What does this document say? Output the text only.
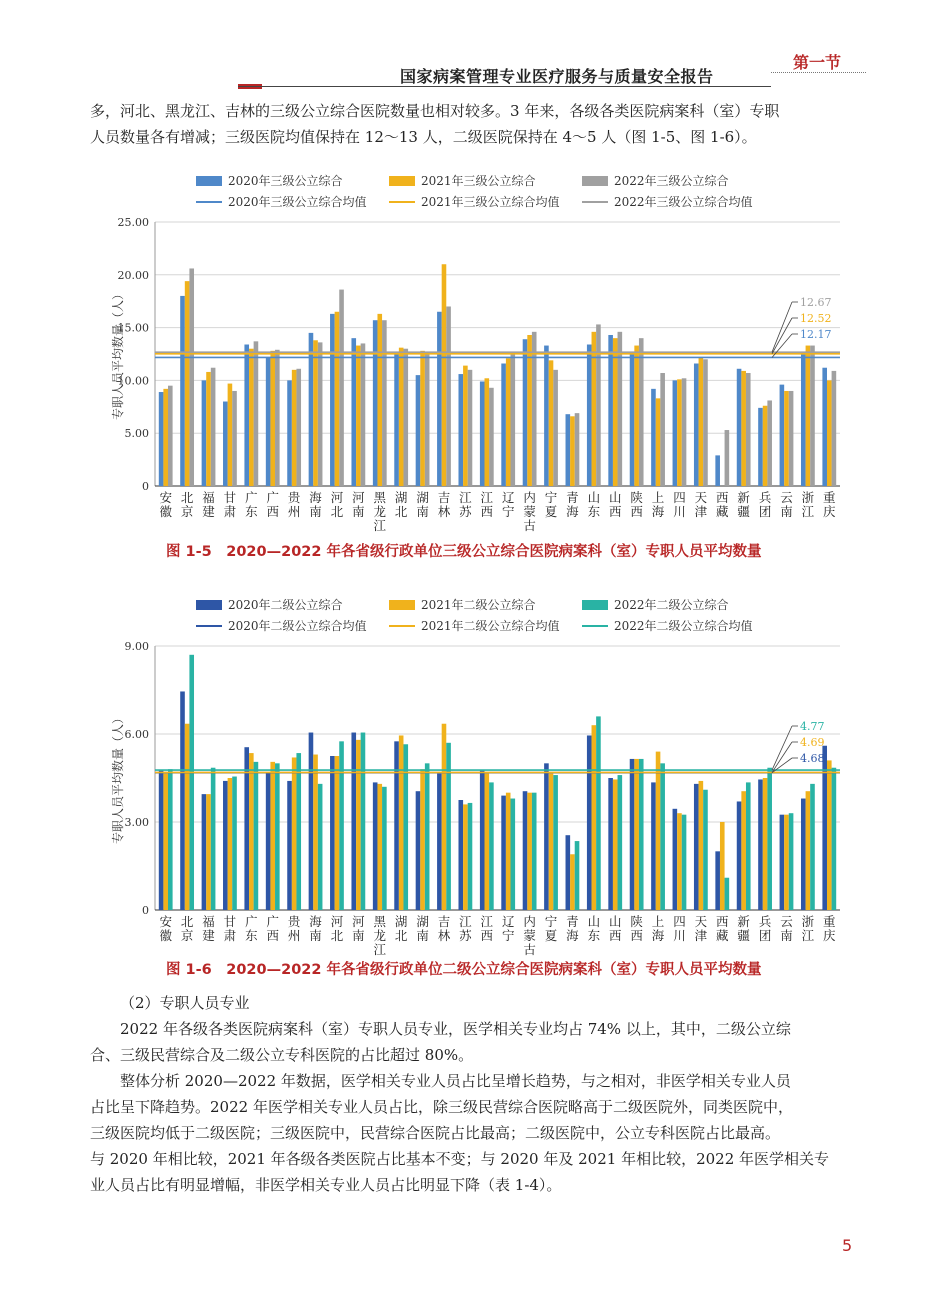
国家病案管理专业医疗服务与质量安全报告
第一节
多，河北、黑龙江、吉林的三级公立综合医院数量也相对较多。3 年来，各级各类医院病案科（室）专职
人员数量各有增减；三级医院均值保持在 12～13 人，二级医院保持在 4～5 人（图 1-5、图 1-6）。
2020年三级公立综合	2021年三级公立综合	2022年三级公立综合
2020年三级公立综合均值	2021年三级公立综合均值	2022年三级公立综合均值
0
5.00
10.00
15.00
20.00
25.00
专职人员平均数量（人）
安徽
北京
福建
甘肃
广东
广西
贵州
海南
河北
河南
黑龙江
湖北
湖南
吉林
江苏
江西
辽宁
内蒙古
宁夏
青海
山东
山西
陕西
上海
四川
天津
西藏
新疆
兵团
云南
浙江
重庆
12.67
12.52
12.17
图 1-5　2020—2022 年各省级行政单位三级公立综合医院病案科（室）专职人员平均数量
2020年二级公立综合	2021年二级公立综合	2022年二级公立综合
2020年二级公立综合均值	2021年二级公立综合均值	2022年二级公立综合均值
0
3.00
6.00
9.00
专职人员平均数量（人）
安徽
北京
福建
甘肃
广东
广西
贵州
海南
河北
河南
黑龙江
湖北
湖南
吉林
江苏
江西
辽宁
内蒙古
宁夏
青海
山东
山西
陕西
上海
四川
天津
西藏
新疆
兵团
云南
浙江
重庆
4.77
4.69
4.68
图 1-6　2020—2022 年各省级行政单位二级公立综合医院病案科（室）专职人员平均数量
（2）专职人员专业
2022 年各级各类医院病案科（室）专职人员专业，医学相关专业均占 74% 以上，其中，二级公立综
合、三级民营综合及二级公立专科医院的占比超过 80%。
整体分析 2020—2022 年数据，医学相关专业人员占比呈增长趋势，与之相对，非医学相关专业人员
占比呈下降趋势。2022 年医学相关专业人员占比，除三级民营综合医院略高于二级医院外，同类医院中，
三级医院均低于二级医院；三级医院中，民营综合医院占比最高；二级医院中，公立专科医院占比最高。
与 2020 年相比较，2021 年各级各类医院占比基本不变；与 2020 年及 2021 年相比较，2022 年医学相关专
业人员占比有明显增幅，非医学相关专业人员占比明显下降（表 1-4）。
5
